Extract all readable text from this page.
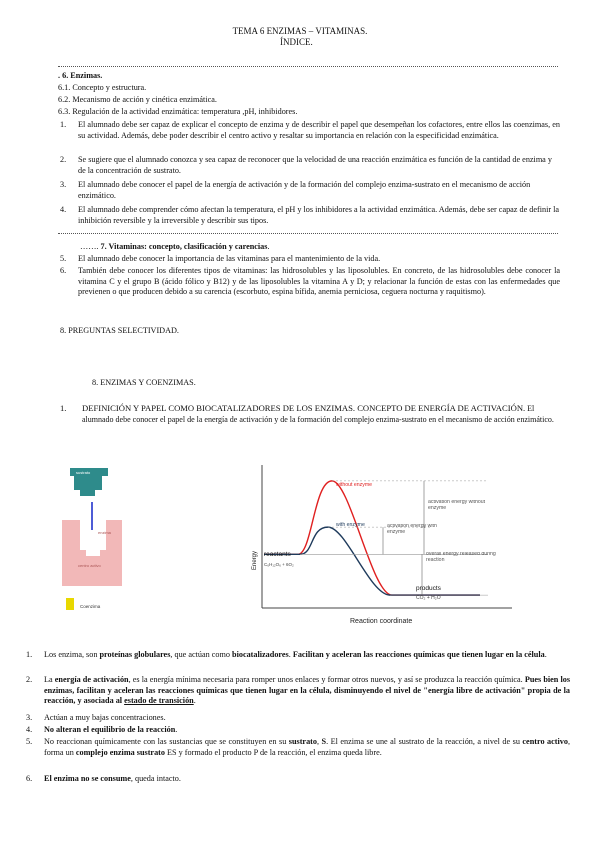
TEMA 6 ENZIMAS – VITAMINAS.
ÍNDICE.
. 6. Enzimas.
6.1. Concepto y estructura.
6.2. Mecanismo de acción y cinética enzimática.
6.3. Regulación de la actividad enzimática: temperatura ,pH, inhibidores.
1. El alumnado debe ser capaz de explicar el concepto de enzima y de describir el papel que desempeñan los cofactores, entre ellos las coenzimas, en su actividad. Además, debe poder describir el centro activo y resaltar su importancia en relación con la especificidad enzimática.
2. Se sugiere que el alumnado conozca y sea capaz de reconocer que la velocidad de una reacción enzimática es función de la cantidad de enzima y de la concentración de sustrato.
3. El alumnado debe conocer el papel de la energía de activación y de la formación del complejo enzima-sustrato en el mecanismo de acción enzimático.
4. El alumnado debe comprender cómo afectan la temperatura, el pH y los inhibidores a la actividad enzimática. Además, debe ser capaz de definir la inhibición reversible y la irreversible y describir sus tipos.
……. 7. Vitaminas: concepto, clasificación y carencias.
5. El alumnado debe conocer la importancia de las vitaminas para el mantenimiento de la vida.
6. También debe conocer los diferentes tipos de vitaminas: las hidrosolubles y las liposolubles. En concreto, de las hidrosolubles debe conocer la vitamina C y el grupo B (ácido fólico y B12) y de las liposolubles la vitamina A y D; y relacionar la función de estas con las enfermedades que previenen o que producen debido a su carencia (escorbuto, espina bífida, anemia perniciosa, ceguera nocturna y raquitismo).
8. PREGUNTAS SELECTIVIDAD.
8. ENZIMAS Y COENZIMAS.
1. DEFINICIÓN Y PAPEL COMO BIOCATALIZADORES DE LOS ENZIMAS. CONCEPTO DE ENERGÍA DE ACTIVACIÓN. El alumnado debe conocer el papel de la energía de activación y de la formación del complejo enzima-sustrato en el mecanismo de acción enzimático.
sustrato
enzima
centro activo
Coenzima
Energy
Reaction coordinate
without enzyme
with enzyme
activation energy without enzyme
activation energy with enzyme
overall energy released during reaction
reactants
C₆H₁₂O₆ + 6O₂
products
CO₂ + H₂O
1. Los enzima, son proteínas globulares, que actúan como biocatalizadores. Facilitan y aceleran las reacciones químicas que tienen lugar en la célula.
2. La energía de activación, es la energía mínima necesaria para romper unos enlaces y formar otros nuevos, y así se produzca la reacción química. Pues bien los enzimas, facilitan y aceleran las reacciones químicas que tienen lugar en la célula, disminuyendo el nivel de "energía libre de activación" propia de la reacción, y asociada al estado de transición.
3. Actúan a muy bajas concentraciones.
4. No alteran el equilibrio de la reacción.
5. No reaccionan químicamente con las sustancias que se constituyen en su sustrato, S. El enzima se une al sustrato de la reacción, a nivel de su centro activo, forma un complejo enzima sustrato ES y formado el producto P de la reacción, el enzima queda libre.
6. El enzima no se consume, queda intacto.
